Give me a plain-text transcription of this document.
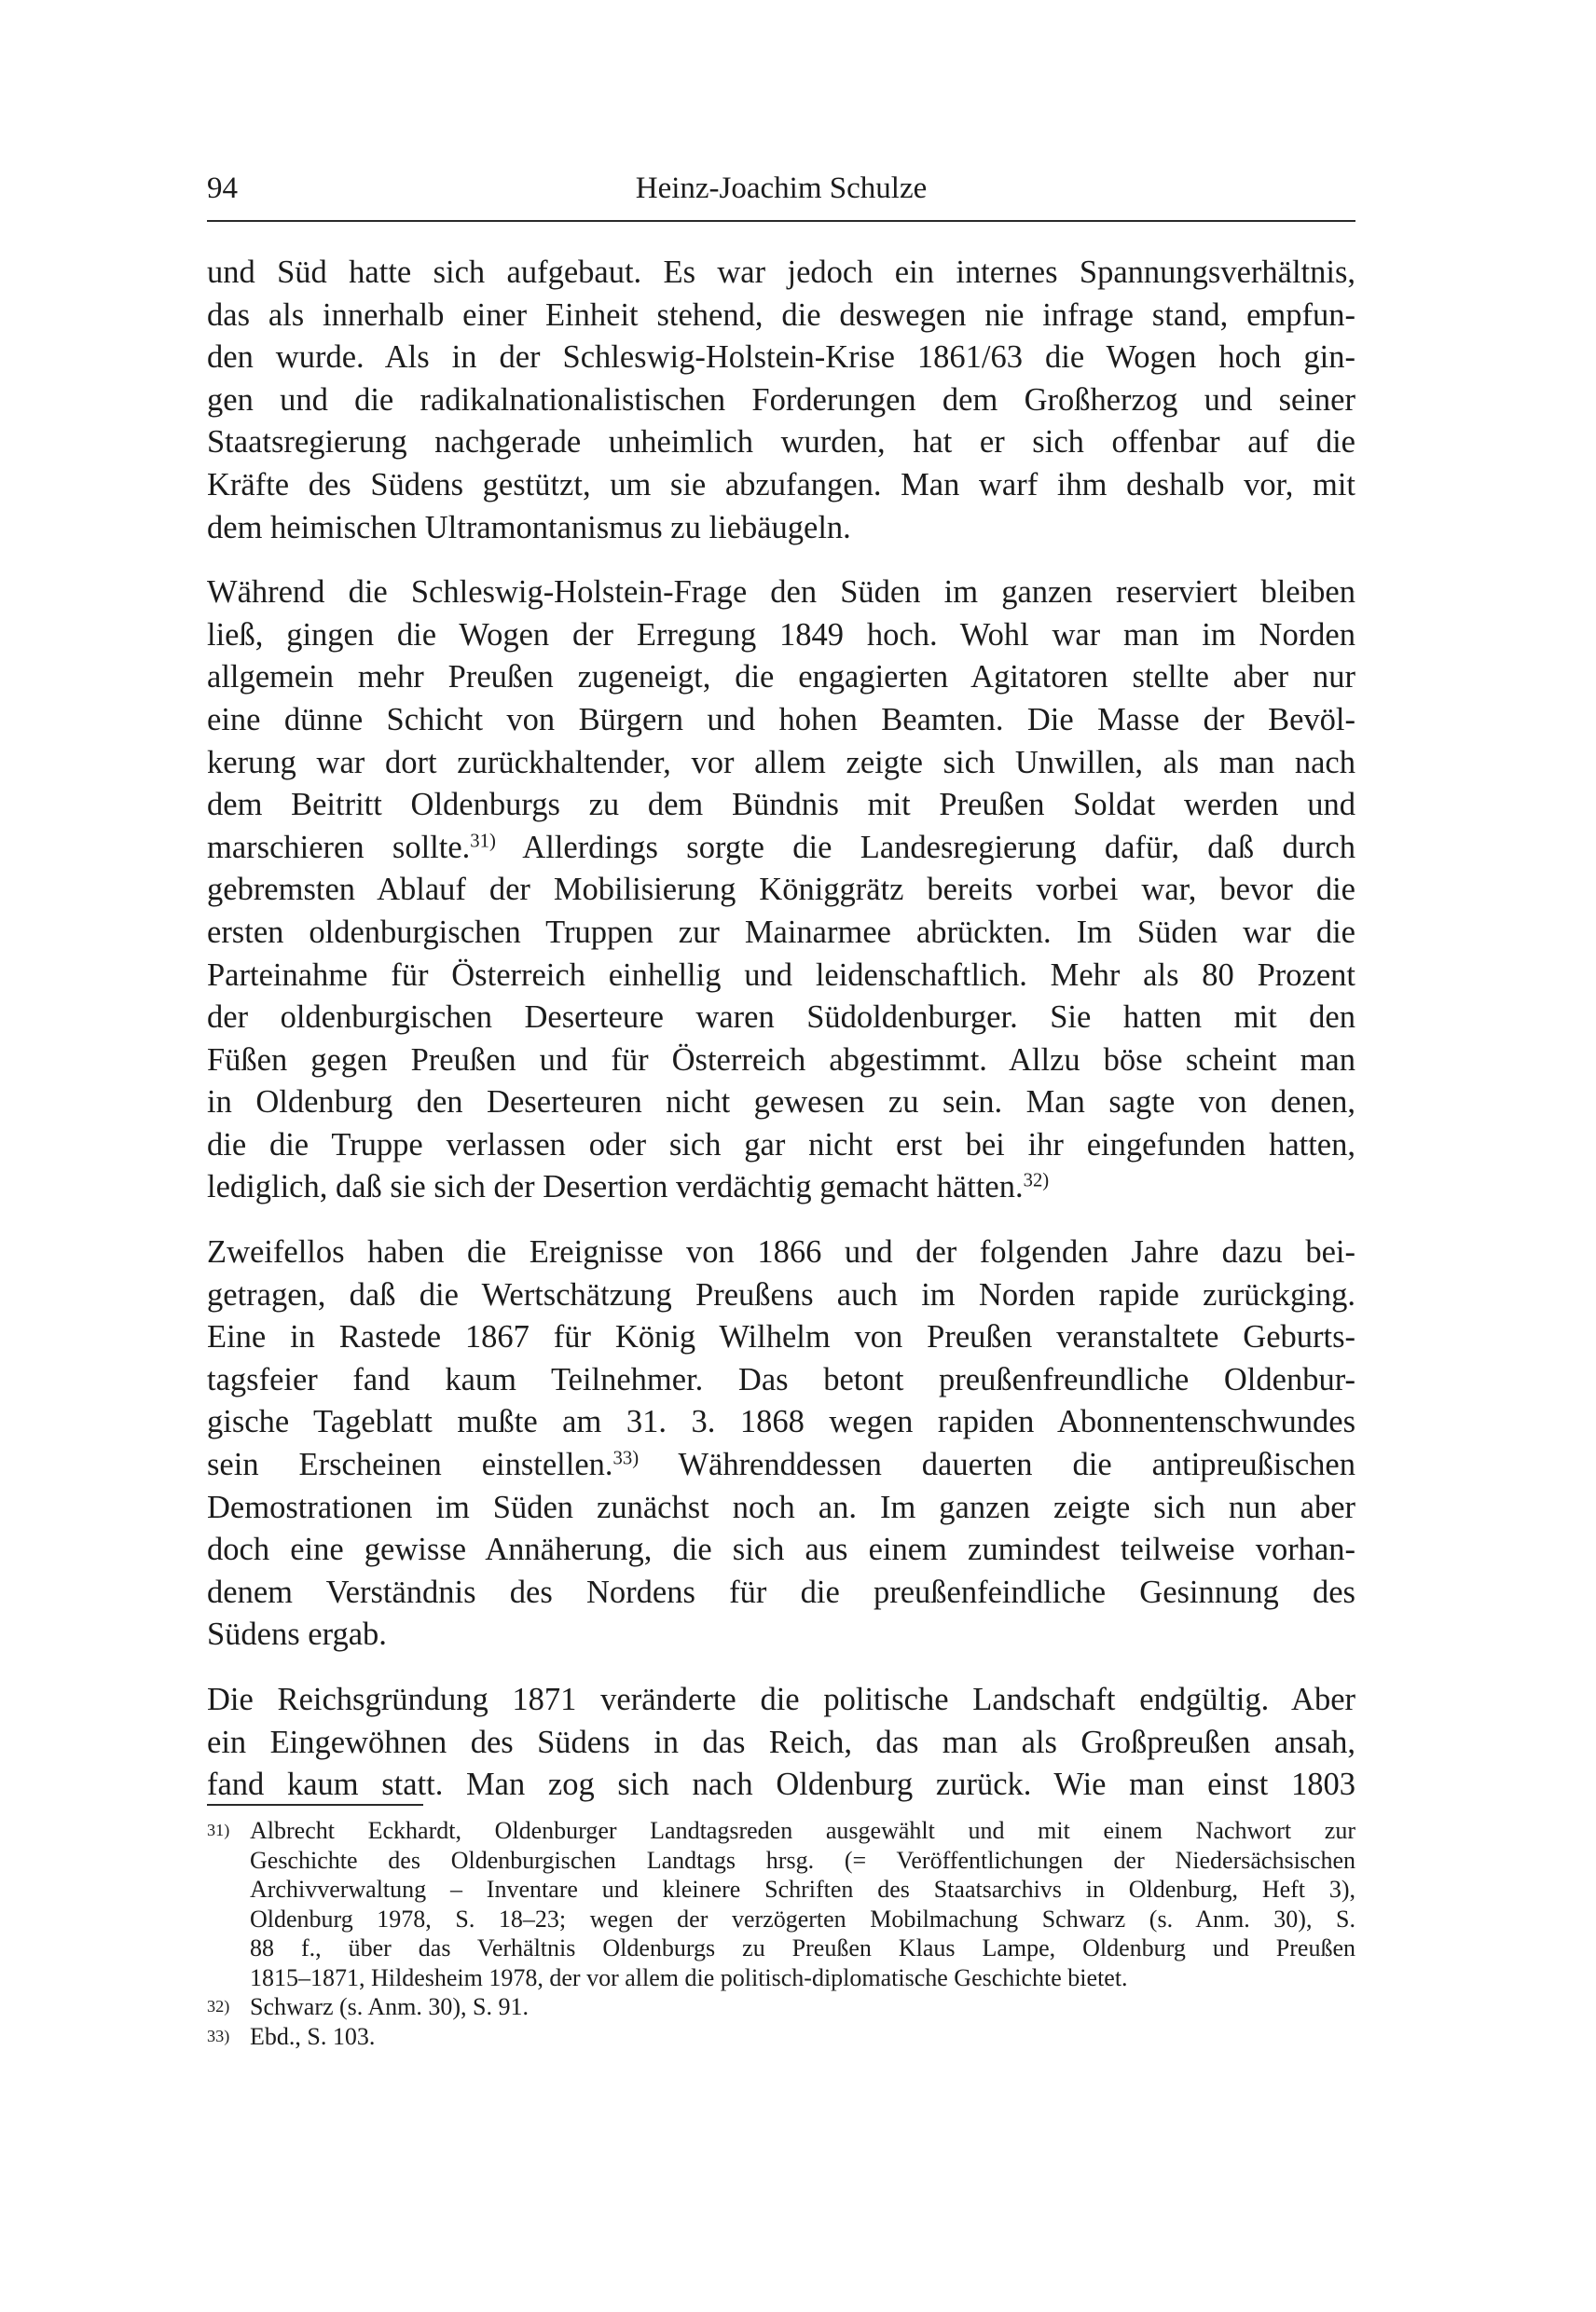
94	Heinz-Joachim Schulze

und Süd hatte sich aufgebaut. Es war jedoch ein internes Spannungsverhältnis,
das als innerhalb einer Einheit stehend, die deswegen nie infrage stand, empfun-
den wurde. Als in der Schleswig-Holstein-Krise 1861/63 die Wogen hoch gin-
gen und die radikalnationalistischen Forderungen dem Großherzog und seiner
Staatsregierung nachgerade unheimlich wurden, hat er sich offenbar auf die
Kräfte des Südens gestützt, um sie abzufangen. Man warf ihm deshalb vor, mit
dem heimischen Ultramontanismus zu liebäugeln.

Während die Schleswig-Holstein-Frage den Süden im ganzen reserviert bleiben
ließ, gingen die Wogen der Erregung 1849 hoch. Wohl war man im Norden
allgemein mehr Preußen zugeneigt, die engagierten Agitatoren stellte aber nur
eine dünne Schicht von Bürgern und hohen Beamten. Die Masse der Bevöl-
kerung war dort zurückhaltender, vor allem zeigte sich Unwillen, als man nach
dem Beitritt Oldenburgs zu dem Bündnis mit Preußen Soldat werden und
marschieren sollte.$^{31)}$ Allerdings sorgte die Landesregierung dafür, daß durch
gebremsten Ablauf der Mobilisierung Königgrätz bereits vorbei war, bevor die
ersten oldenburgischen Truppen zur Mainarmee abrückten. Im Süden war die
Parteinahme für Österreich einhellig und leidenschaftlich. Mehr als 80 Prozent
der oldenburgischen Deserteure waren Südoldenburger. Sie hatten mit den
Füßen gegen Preußen und für Österreich abgestimmt. Allzu böse scheint man
in Oldenburg den Deserteuren nicht gewesen zu sein. Man sagte von denen,
die die Truppe verlassen oder sich gar nicht erst bei ihr eingefunden hatten,
lediglich, daß sie sich der Desertion verdächtig gemacht hätten.$^{32)}$

Zweifellos haben die Ereignisse von 1866 und der folgenden Jahre dazu bei-
getragen, daß die Wertschätzung Preußens auch im Norden rapide zurückging.
Eine in Rastede 1867 für König Wilhelm von Preußen veranstaltete Geburts-
tagsfeier fand kaum Teilnehmer. Das betont preußenfreundliche Oldenbur-
gische Tageblatt mußte am 31. 3. 1868 wegen rapiden Abonnentenschwundes
sein Erscheinen einstellen.$^{33)}$ Währenddessen dauerten die antipreußischen
Demostrationen im Süden zunächst noch an. Im ganzen zeigte sich nun aber
doch eine gewisse Annäherung, die sich aus einem zumindest teilweise vorhan-
denem Verständnis des Nordens für die preußenfeindliche Gesinnung des
Südens ergab.

Die Reichsgründung 1871 veränderte die politische Landschaft endgültig. Aber
ein Eingewöhnen des Südens in das Reich, das man als Großpreußen ansah,
fand kaum statt. Man zog sich nach Oldenburg zurück. Wie man einst 1803

31) Albrecht Eckhardt, Oldenburger Landtagsreden ausgewählt und mit einem Nachwort zur
Geschichte des Oldenburgischen Landtags hrsg. (= Veröffentlichungen der Niedersächsischen
Archivverwaltung – Inventare und kleinere Schriften des Staatsarchivs in Oldenburg, Heft 3),
Oldenburg 1978, S. 18–23; wegen der verzögerten Mobilmachung Schwarz (s. Anm. 30), S.
88 f., über das Verhältnis Oldenburgs zu Preußen Klaus Lampe, Oldenburg und Preußen
1815–1871, Hildesheim 1978, der vor allem die politisch-diplomatische Geschichte bietet.
32) Schwarz (s. Anm. 30), S. 91.
33) Ebd., S. 103.
